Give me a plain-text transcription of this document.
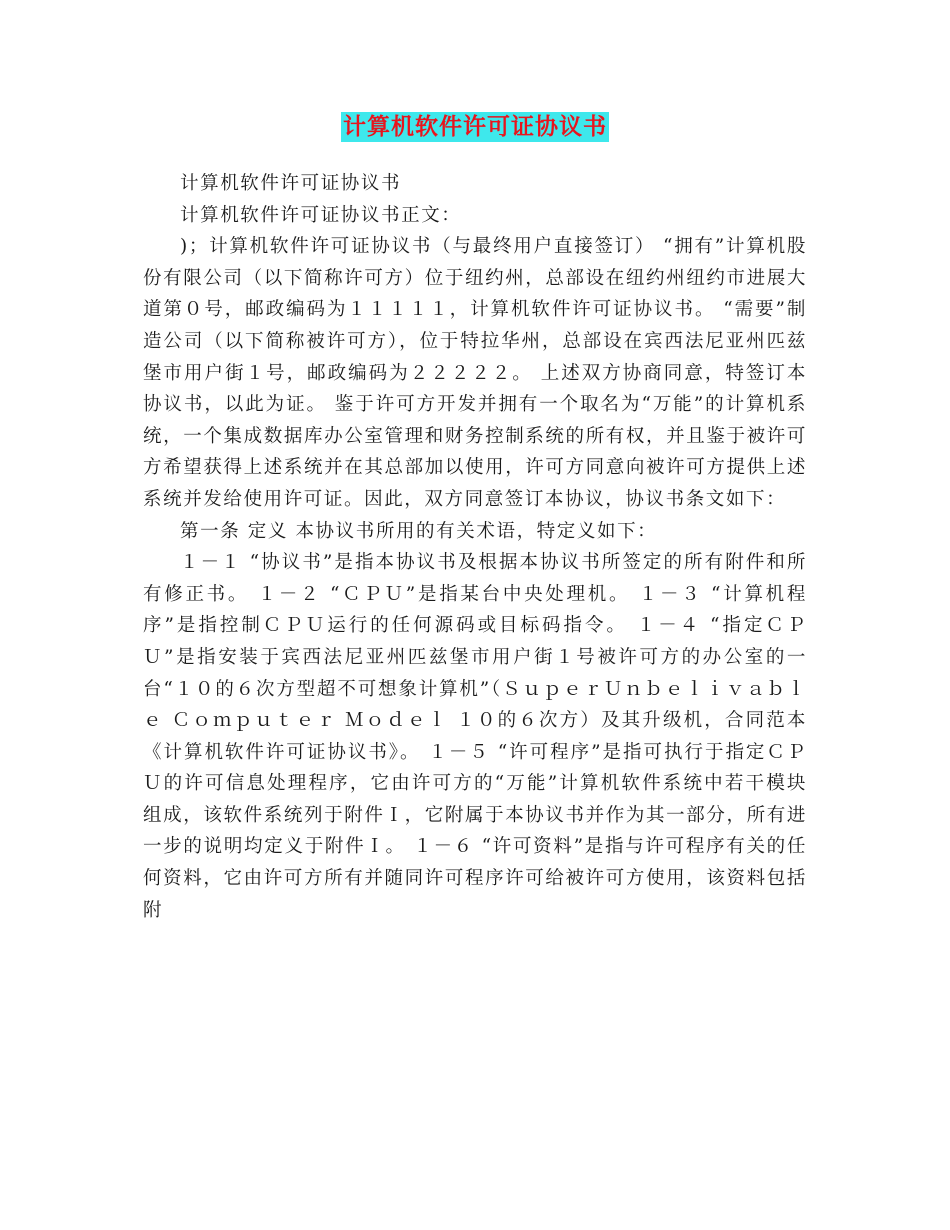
计算机软件许可证协议书

计算机软件许可证协议书

计算机软件许可证协议书正文：

)；计算机软件许可证协议书（与最终用户直接签订） “拥有”计算机股份有限公司（以下简称许可方）位于纽约州，总部设在纽约州纽约市进展大道第０号，邮政编码为１１１１１，计算机软件许可证协议书。 “需要”制造公司（以下简称被许可方），位于特拉华州，总部设在宾西法尼亚州匹兹堡市用户街１号，邮政编码为２２２２２。 上述双方协商同意，特签订本协议书，以此为证。 鉴于许可方开发并拥有一个取名为“万能”的计算机系统，一个集成数据库办公室管理和财务控制系统的所有权，并且鉴于被许可方希望获得上述系统并在其总部加以使用，许可方同意向被许可方提供上述系统并发给使用许可证。因此，双方同意签订本协议，协议书条文如下：

第一条 定义 本协议书所用的有关术语，特定义如下：

１－１ “协议书”是指本协议书及根据本协议书所签定的所有附件和所有修正书。 １－２ “ＣＰＵ”是指某台中央处理机。 １－３ “计算机程序”是指控制ＣＰＵ运行的任何源码或目标码指令。 １－４ “指定ＣＰＵ”是指安装于宾西法尼亚州匹兹堡市用户街１号被许可方的办公室的一台“１０的６次方型超不可想象计算机”（ＳｕｐｅｒＵｎｂｅｌｉｖａｂｌｅ Ｃｏｍｐｕｔｅｒ Ｍｏｄｅｌ １０的６次方）及其升级机，合同范本《计算机软件许可证协议书》。 １－５ “许可程序”是指可执行于指定ＣＰＵ的许可信息处理程序，它由许可方的“万能”计算机软件系统中若干模块组成，该软件系统列于附件Ｉ，它附属于本协议书并作为其一部分，所有进一步的说明均定义于附件Ｉ。 １－６ “许可资料”是指与许可程序有关的任何资料，它由许可方所有并随同许可程序许可给被许可方使用，该资料包括附
